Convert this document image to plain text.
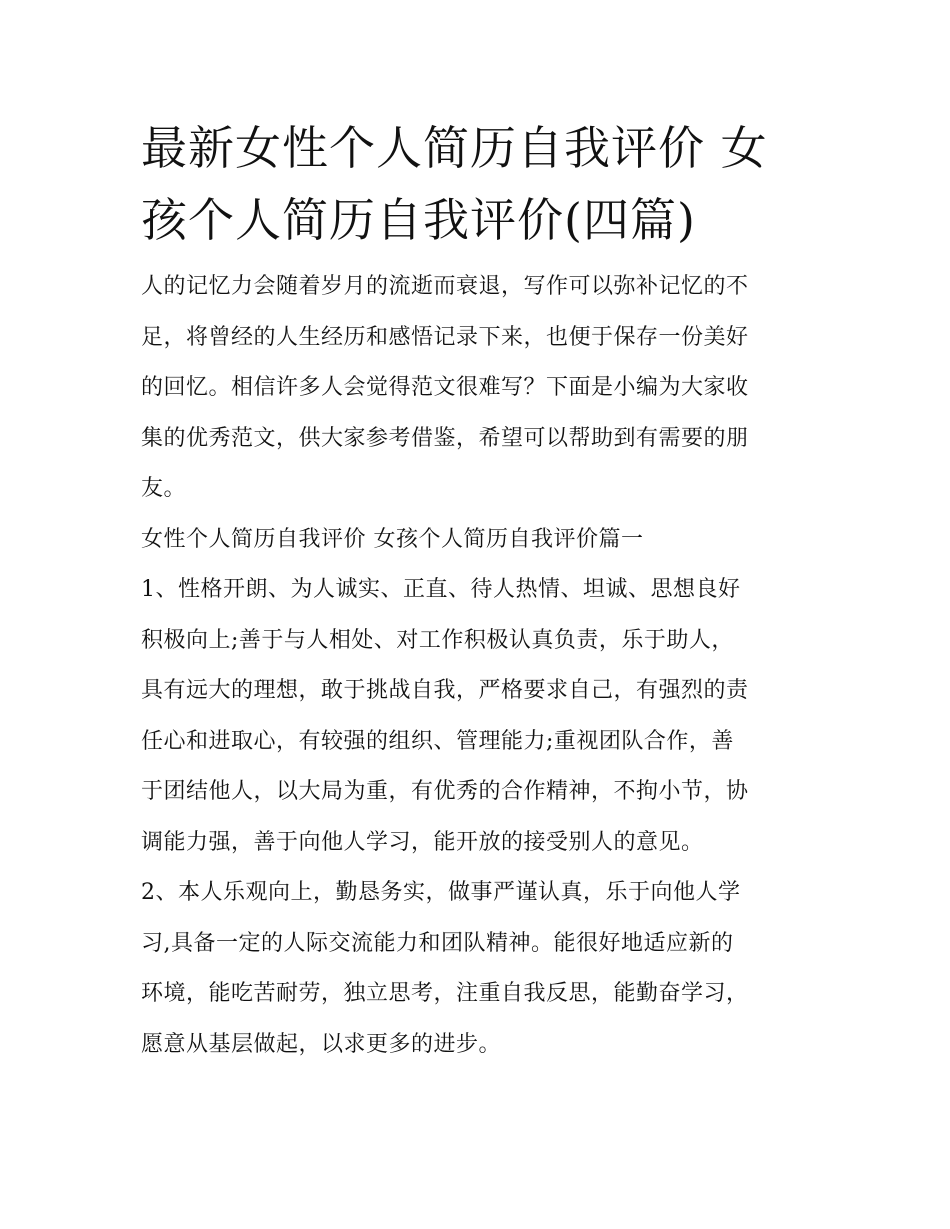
最新女性个人简历自我评价 女
孩个人简历自我评价(四篇)

人的记忆力会随着岁月的流逝而衰退，写作可以弥补记忆的不
足，将曾经的人生经历和感悟记录下来，也便于保存一份美好
的回忆。相信许多人会觉得范文很难写？下面是小编为大家收
集的优秀范文，供大家参考借鉴，希望可以帮助到有需要的朋
友。

女性个人简历自我评价 女孩个人简历自我评价篇一

1、性格开朗、为人诚实、正直、待人热情、坦诚、思想良好
积极向上;善于与人相处、对工作积极认真负责，乐于助人，
具有远大的理想，敢于挑战自我，严格要求自己，有强烈的责
任心和进取心，有较强的组织、管理能力;重视团队合作，善
于团结他人，以大局为重，有优秀的合作精神，不拘小节，协
调能力强，善于向他人学习，能开放的接受别人的意见。

2、本人乐观向上，勤恳务实，做事严谨认真，乐于向他人学
习,具备一定的人际交流能力和团队精神。能很好地适应新的
环境，能吃苦耐劳，独立思考，注重自我反思，能勤奋学习，
愿意从基层做起，以求更多的进步。
